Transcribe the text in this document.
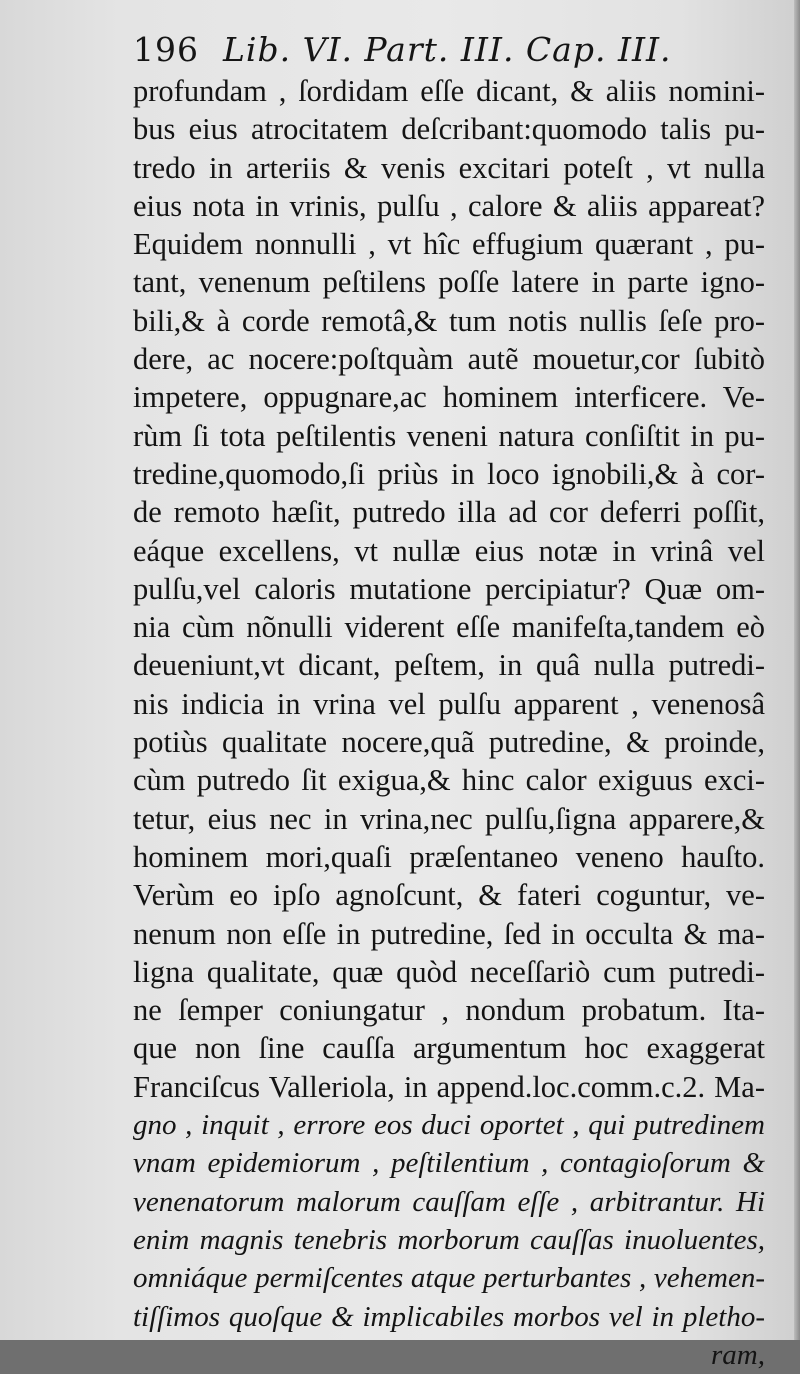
196 Lib. VI. Part. III. Cap. III.
profundam , ſordidam eſſe dicant, & aliis nomini-
bus eius atrocitatem deſcribant:quomodo talis pu-
tredo in arteriis & venis excitari poteſt , vt nulla
eius nota in vrinis, pulſu , calore & aliis appareat?
Equidem nonnulli , vt hîc effugium quærant , pu-
tant, venenum peſtilens poſſe latere in parte igno-
bili,& à corde remotâ,& tum notis nullis ſeſe pro-
dere, ac nocere:poſtquàm autẽ mouetur,cor ſubitò
impetere, oppugnare,ac hominem interficere. Ve-
rùm ſi tota peſtilentis veneni natura conſiſtit in pu-
tredine,quomodo,ſi priùs in loco ignobili,& à cor-
de remoto hæſit, putredo illa ad cor deferri poſſit,
eáque excellens, vt nullæ eius notæ in vrinâ vel
pulſu,vel caloris mutatione percipiatur? Quæ om-
nia cùm nõnulli viderent eſſe manifeſta,tandem eò
deueniunt,vt dicant, peſtem, in quâ nulla putredi-
nis indicia in vrina vel pulſu apparent , venenosâ
potiùs qualitate nocere,quã putredine, & proinde,
cùm putredo ſit exigua,& hinc calor exiguus exci-
tetur, eius nec in vrina,nec pulſu,ſigna apparere,&
hominem mori,quaſi præſentaneo veneno hauſto.
Verùm eo ipſo agnoſcunt, & fateri coguntur, ve-
nenum non eſſe in putredine, ſed in occulta & ma-
ligna qualitate, quæ quòd neceſſariò cum putredi-
ne ſemper coniungatur , nondum probatum. Ita-
que non ſine cauſſa argumentum hoc exaggerat
Franciſcus Valleriola, in append.loc.comm.c.2. Ma-
gno , inquit , errore eos duci oportet , qui putredinem
vnam epidemiorum , peſtilentium , contagioſorum &
venenatorum malorum cauſſam eſſe , arbitrantur. Hi
enim magnis tenebris morborum cauſſas inuoluentes,
omniáque permiſcentes atque perturbantes , vehemen-
tiſſimos quoſque & implicabiles morbos vel in pletho-
ram,
